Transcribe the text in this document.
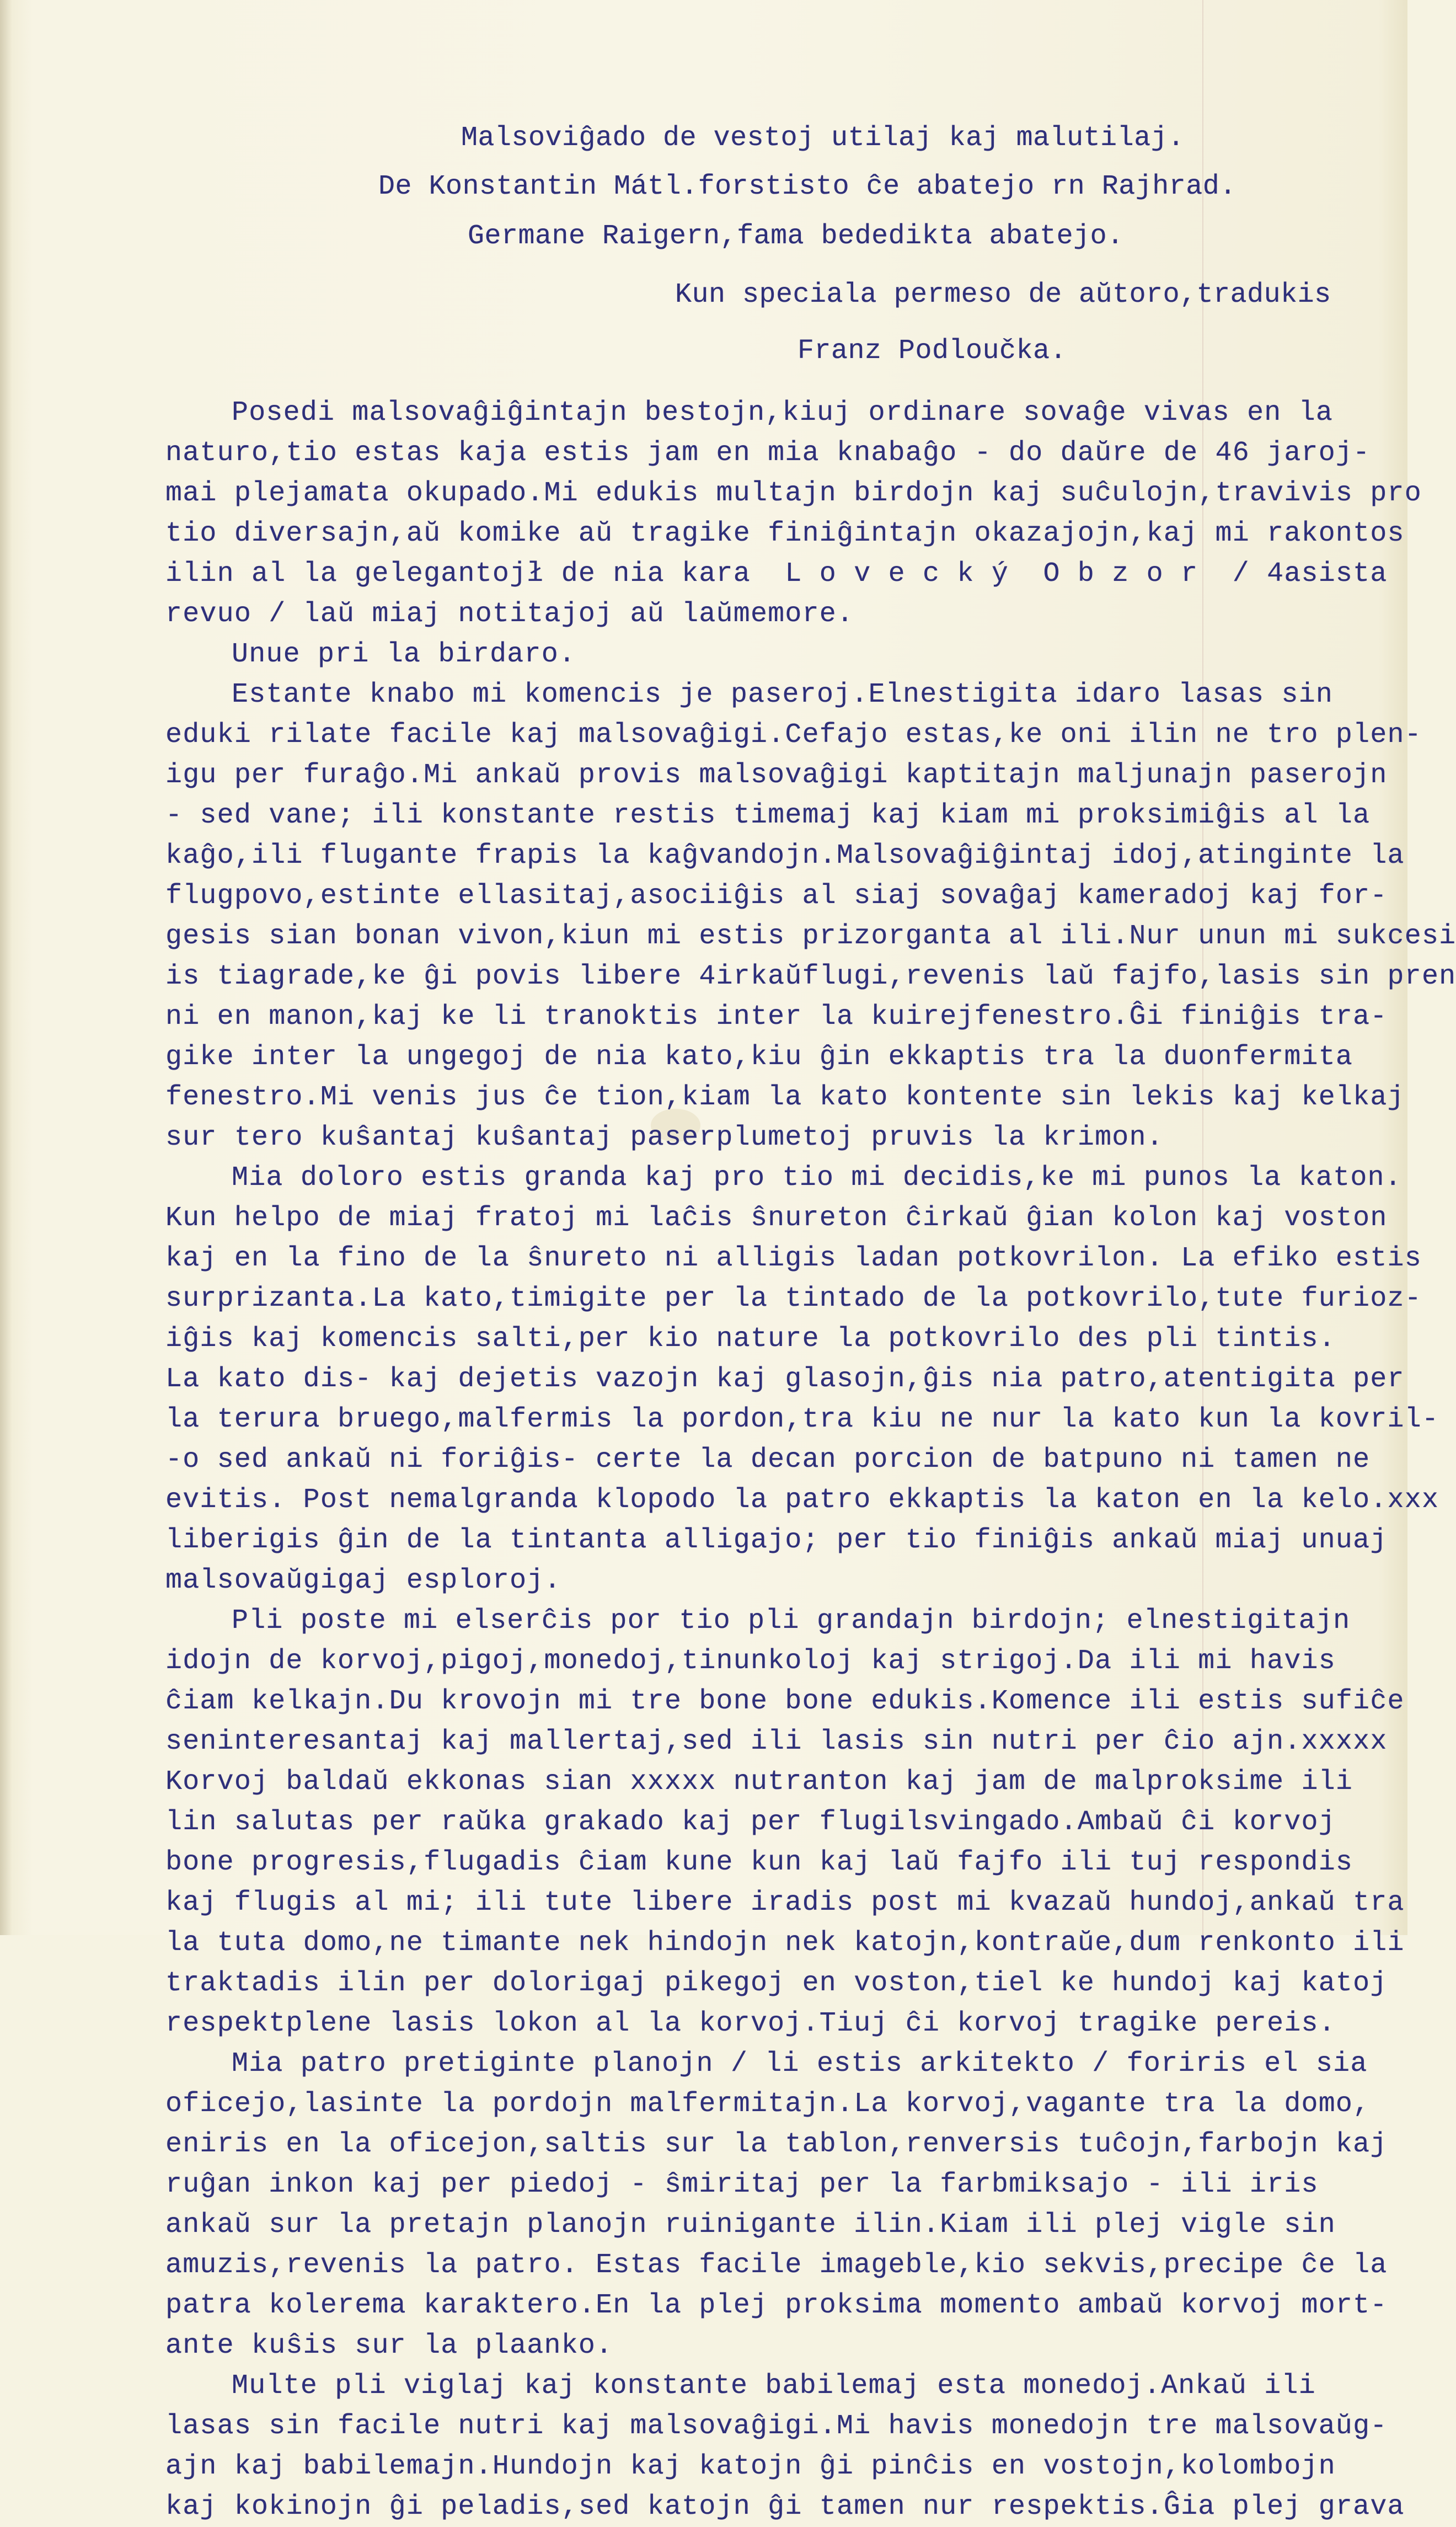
Malsoviĝado de vestoj utilaj kaj malutilaj.
De Konstantin Mátl.forstisto ĉe abatejo rn Rajhrad.
Germane Raigern,fama bededikta abatejo.
Kun speciala permeso de aŭtoro,tradukis
Franz Podloučka.
Posedi malsovaĝiĝintajn bestojn,kiuj ordinare sovaĝe vivas en la
naturo,tio estas kaja estis jam en mia knabaĝo - do daŭre de 46 jaroj-
mai plejamata okupado.Mi edukis multajn birdojn kaj suĉulojn,travivis pro
tio diversajn,aŭ komike aŭ tragike finiĝintajn okazajojn,kaj mi rakontos
ilin al la gelegantojł de nia kara  L o v e c k ý  O b z o r  / 4asista
revuo / laŭ miaj notitajoj aŭ laŭmemore.
Unue pri la birdaro.
Estante knabo mi komencis je paseroj.Elnestigita idaro lasas sin
eduki rilate facile kaj malsovaĝigi.Cefajo estas,ke oni ilin ne tro plen-
igu per furaĝo.Mi ankaŭ provis malsovaĝigi kaptitajn maljunajn paserojn
- sed vane; ili konstante restis timemaj kaj kiam mi proksimiĝis al la
kaĝo,ili flugante frapis la kaĝvandojn.Malsovaĝiĝintaj idoj,atinginte la
flugpovo,estinte ellasitaj,asociiĝis al siaj sovaĝaj kameradoj kaj for-
gesis sian bonan vivon,kiun mi estis prizorganta al ili.Nur unun mi sukcesi
is tiagrade,ke ĝi povis libere 4irkaŭflugi,revenis laŭ fajfo,lasis sin pren
ni en manon,kaj ke li tranoktis inter la kuirejfenestro.Ĝi finiĝis tra-
gike inter la ungegoj de nia kato,kiu ĝin ekkaptis tra la duonfermita
fenestro.Mi venis jus ĉe tion,kiam la kato kontente sin lekis kaj kelkaj
sur tero kuŝantaj kuŝantaj paserplumetoj pruvis la krimon.
Mia doloro estis granda kaj pro tio mi decidis,ke mi punos la katon.
Kun helpo de miaj fratoj mi laĉis ŝnureton ĉirkaŭ ĝian kolon kaj voston
kaj en la fino de la ŝnureto ni alligis ladan potkovrilon. La efiko estis
surprizanta.La kato,timigite per la tintado de la potkovrilo,tute furioz-
iĝis kaj komencis salti,per kio nature la potkovrilo des pli tintis.
La kato dis- kaj dejetis vazojn kaj glasojn,ĝis nia patro,atentigita per
la terura bruego,malfermis la pordon,tra kiu ne nur la kato kun la kovril-
-o sed ankaŭ ni foriĝis- certe la decan porcion de batpuno ni tamen ne
evitis. Post nemalgranda klopodo la patro ekkaptis la katon en la kelo.xxx
liberigis ĝin de la tintanta alligajo; per tio finiĝis ankaŭ miaj unuaj
malsovaŭgigaj esploroj.
Pli poste mi elserĉis por tio pli grandajn birdojn; elnestigitajn
idojn de korvoj,pigoj,monedoj,tinunkoloj kaj strigoj.Da ili mi havis
ĉiam kelkajn.Du krovojn mi tre bone bone edukis.Komence ili estis sufiĉe
seninteresantaj kaj mallertaj,sed ili lasis sin nutri per ĉio ajn.xxxxx
Korvoj baldaŭ ekkonas sian xxxxx nutranton kaj jam de malproksime ili
lin salutas per raŭka grakado kaj per flugilsvingado.Ambaŭ ĉi korvoj
bone progresis,flugadis ĉiam kune kun kaj laŭ fajfo ili tuj respondis
kaj flugis al mi; ili tute libere iradis post mi kvazaŭ hundoj,ankaŭ tra
la tuta domo,ne timante nek hindojn nek katojn,kontraŭe,dum renkonto ili
traktadis ilin per dolorigaj pikegoj en voston,tiel ke hundoj kaj katoj
respektplene lasis lokon al la korvoj.Tiuj ĉi korvoj tragike pereis.
Mia patro pretiginte planojn / li estis arkitekto / foriris el sia
oficejo,lasinte la pordojn malfermitajn.La korvoj,vagante tra la domo,
eniris en la oficejon,saltis sur la tablon,renversis tuĉojn,farbojn kaj
ruĝan inkon kaj per piedoj - ŝmiritaj per la farbmiksajo - ili iris
ankaŭ sur la pretajn planojn ruinigante ilin.Kiam ili plej vigle sin
amuzis,revenis la patro. Estas facile imageble,kio sekvis,precipe ĉe la
patra kolerema karaktero.En la plej proksima momento ambaŭ korvoj mort-
ante kuŝis sur la plaanko.
Multe pli viglaj kaj konstante babilemaj esta monedoj.Ankaŭ ili
lasas sin facile nutri kaj malsovaĝigi.Mi havis monedojn tre malsovaŭg-
ajn kaj babilemajn.Hundojn kaj katojn ĝi pinĉis en vostojn,kolombojn
kaj kokinojn ĝi peladis,sed katojn ĝi tamen nur respektis.Ĝia plej grava
